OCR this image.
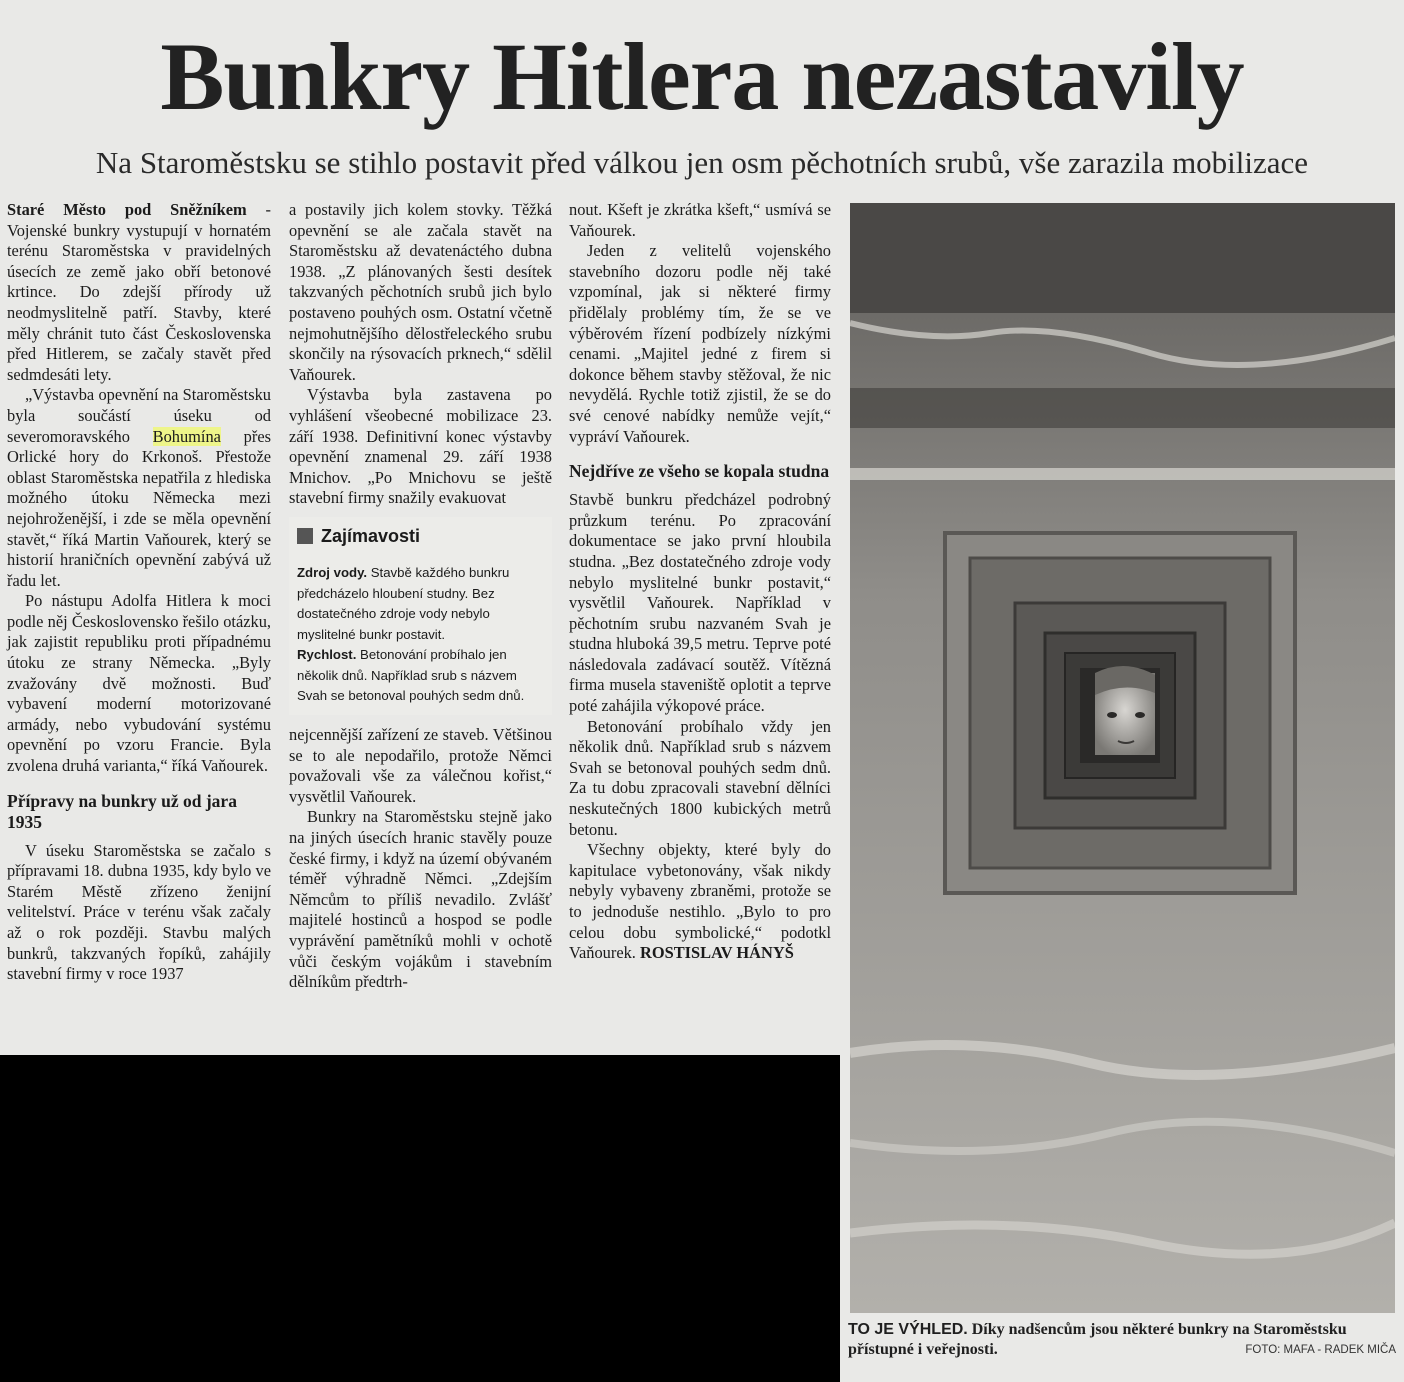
Bunkry Hitlera nezastavily
Na Staroměstsku se stihlo postavit před válkou jen osm pěchotních srubů, vše zarazila mobilizace

Staré Město pod Sněžníkem - Vojenské bunkry vystupují v hornatém terénu Staroměstska v pravidelných úsecích ze země jako obří betonové krtince. Do zdejší přírody už neodmyslitelně patří. Stavby, které měly chránit tuto část Československa před Hitlerem, se začaly stavět před sedmdesáti lety.

„Výstavba opevnění na Staroměstsku byla součástí úseku od severomoravského Bohumína přes Orlické hory do Krkonoš. Přestože oblast Staroměstska nepatřila z hlediska možného útoku Německa mezi nejohroženější, i zde se měla opevnění stavět,“ říká Martin Vaňourek, který se historií hraničních opevnění zabývá už řadu let.

Po nástupu Adolfa Hitlera k moci podle něj Československo řešilo otázku, jak zajistit republiku proti případnému útoku ze strany Německa. „Byly zvažovány dvě možnosti. Buď vybavení moderní motorizované armády, nebo vybudování systému opevnění po vzoru Francie. Byla zvolena druhá varianta,“ říká Vaňourek.

Přípravy na bunkry už od jara 1935

V úseku Staroměstska se začalo s přípravami 18. dubna 1935, kdy bylo ve Starém Městě zřízeno ženijní velitelství. Práce v terénu však začaly až o rok později. Stavbu malých bunkrů, takzvaných řopíků, zahájily stavební firmy v roce 1937

a postavily jich kolem stovky. Těžká opevnění se ale začala stavět na Staroměstsku až devatenáctého dubna 1938. „Z plánovaných šesti desítek takzvaných pěchotních srubů jich bylo postaveno pouhých osm. Ostatní včetně nejmohutnějšího dělostřeleckého srubu skončily na rýsovacích prknech,“ sdělil Vaňourek.

Výstavba byla zastavena po vyhlášení všeobecné mobilizace 23. září 1938. Definitivní konec výstavby opevnění znamenal 29. září 1938 Mnichov. „Po Mnichovu se ještě stavební firmy snažily evakuovat

Zajímavosti
Zdroj vody. Stavbě každého bunkru předcházelo hloubení studny. Bez dostatečného zdroje vody nebylo myslitelné bunkr postavit.
Rychlost. Betonování probíhalo jen několik dnů. Například srub s názvem Svah se betonoval pouhých sedm dnů.

nejcennější zařízení ze staveb. Většinou se to ale nepodařilo, protože Němci považovali vše za válečnou kořist,“ vysvětlil Vaňourek.

Bunkry na Staroměstsku stejně jako na jiných úsecích hranic stavěly pouze české firmy, i když na území obývaném téměř výhradně Němci. „Zdejším Němcům to příliš nevadilo. Zvlášť majitelé hostinců a hospod se podle vyprávění pamětníků mohli v ochotě vůči českým vojákům i stavebním dělníkům předtrh-

nout. Kšeft je zkrátka kšeft,“ usmívá se Vaňourek.

Jeden z velitelů vojenského stavebního dozoru podle něj také vzpomínal, jak si některé firmy přidělaly problémy tím, že se ve výběrovém řízení podbízely nízkými cenami. „Majitel jedné z firem si dokonce během stavby stěžoval, že nic nevydělá. Rychle totiž zjistil, že se do své cenové nabídky nemůže vejít,“ vypráví Vaňourek.

Nejdříve ze všeho se kopala studna

Stavbě bunkru předcházel podrobný průzkum terénu. Po zpracování dokumentace se jako první hloubila studna. „Bez dostatečného zdroje vody nebylo myslitelné bunkr postavit,“ vysvětlil Vaňourek. Například v pěchotním srubu nazvaném Svah je studna hluboká 39,5 metru. Teprve poté následovala zadávací soutěž. Vítězná firma musela staveniště oplotit a teprve poté zahájila výkopové práce.

Betonování probíhalo vždy jen několik dnů. Například srub s názvem Svah se betonoval pouhých sedm dnů. Za tu dobu zpracovali stavební dělníci neskutečných 1800 kubických metrů betonu.

Všechny objekty, které byly do kapitulace vybetonovány, však nikdy nebyly vybaveny zbraněmi, protože se to jednoduše nestihlo. „Bylo to pro celou dobu symbolické,“ podotkl Vaňourek. ROSTISLAV HÁNYŠ

TO JE VÝHLED. Díky nadšencům jsou některé bunkry na Staroměstsku přístupné i veřejnosti.	FOTO: MAFA - RADEK MIČA
